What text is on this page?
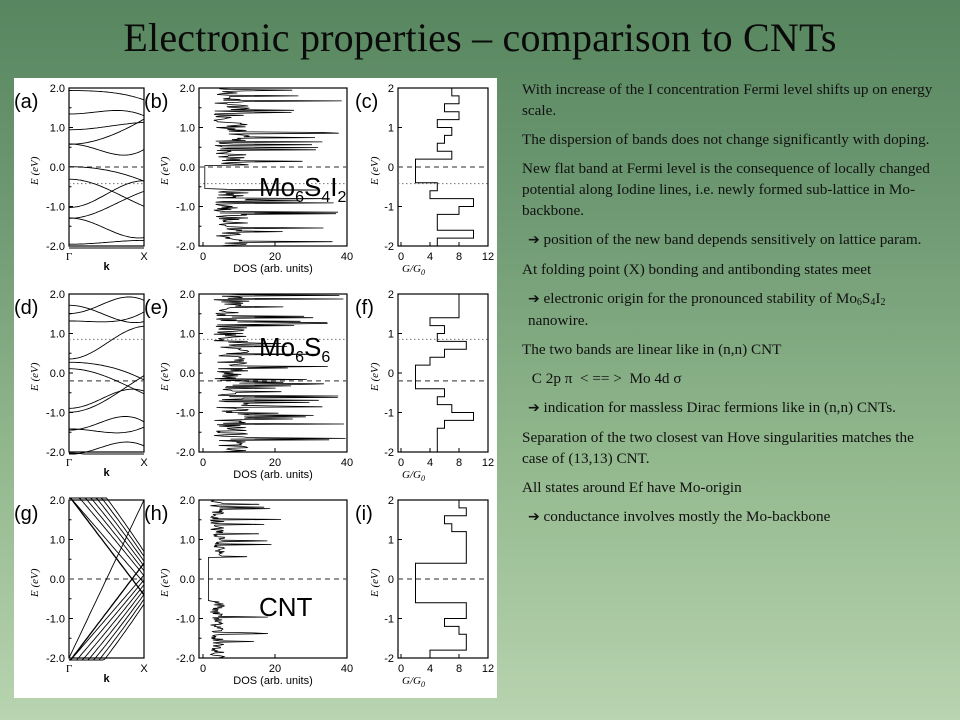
Electronic properties – comparison to CNTs
(a)	(b)	(c)
2.0
1.0
0.0
-1.0
-2.0
2.0
1.0
0.0
-1.0
-2.0
2
1
0
-1
-2
E (eV)	E (eV)	E (eV)
Γ	X
k
0	20	40
DOS (arb. units)
0 4 8 12
G/G 0
$Mo_6S_4I_2$
(d)	(e)	(f)
2.0
1.0
0.0
-1.0
-2.0
2.0
1.0
0.0
-1.0
-2.0
2
1
0
-1
-2
E (eV)	E (eV)	E (eV)
Γ	X
k
0	20	40
DOS (arb. units)
0 4 8 12
G/G 0
$Mo_6S_6$
(g)	(h)	(i)
2.0
1.0
0.0
-1.0
-2.0
2.0
1.0
0.0
-1.0
-2.0
2
1
0
-1
-2
E (eV)	E (eV)	E (eV)
Γ	X
k
0	20	40
DOS (arb. units)
0 4 8 12
G/G 0
CNT

With increase of the I concentration Fermi level shifts up on energy scale.

The dispersion of bands does not change significantly with doping.

New flat band at Fermi level is the consequence of locally changed potential along Iodine lines, i.e. newly formed sub-lattice in Mo-backbone.

➔ position of the new band depends sensitively on lattice param.

At folding point (X) bonding and antibonding states meet

➔ electronic origin for the pronounced stability of $Mo_6S_4I_2$ nanowire.

The two bands are linear like in (n,n) CNT

C 2p π < == > Mo 4d σ

➔ indication for massless Dirac fermions like in (n,n) CNTs.

Separation of the two closest van Hove singularities matches the case of (13,13) CNT.

All states around Ef have Mo-origin

➔ conductance involves mostly the Mo-backbone
